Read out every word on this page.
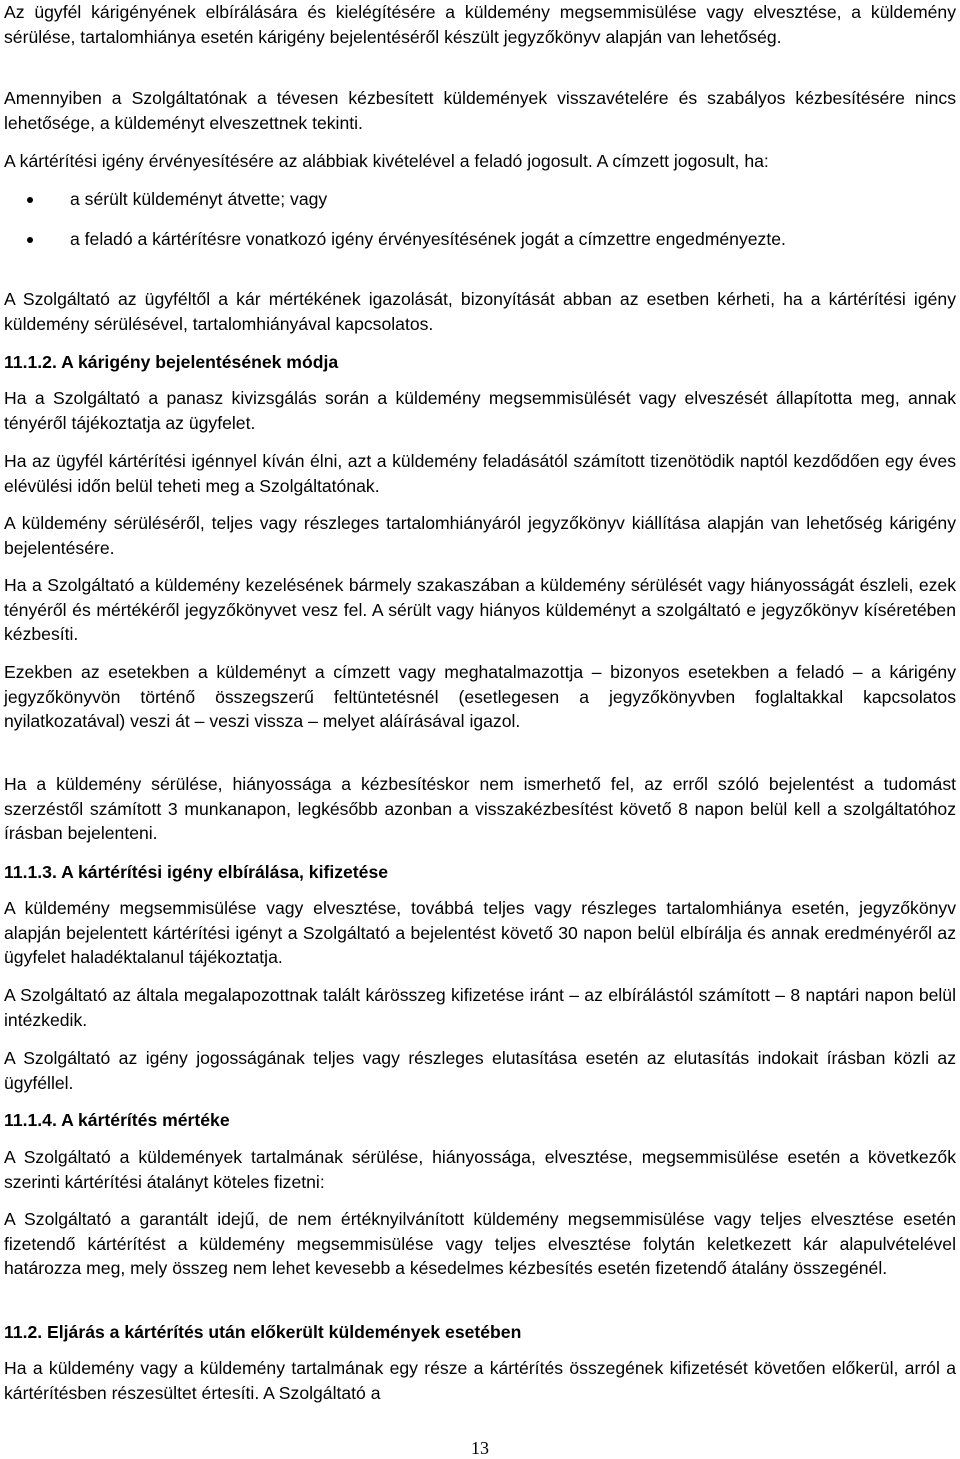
Az ügyfél kárigényének elbírálására és kielégítésére a küldemény megsemmisülése vagy elvesztése, a küldemény sérülése, tartalomhiánya esetén kárigény bejelentéséről készült jegyzőkönyv alapján van lehetőség.

Amennyiben a Szolgáltatónak a tévesen kézbesített küldemények visszavételére és szabályos kézbesítésére nincs lehetősége, a küldeményt elveszettnek tekinti.

A kártérítési igény érvényesítésére az alábbiak kivételével a feladó jogosult. A címzett jogosult, ha:

a sérült küldeményt átvette; vagy
a feladó a kártérítésre vonatkozó igény érvényesítésének jogát a címzettre engedményezte.

A Szolgáltató az ügyféltől a kár mértékének igazolását, bizonyítását abban az esetben kérheti, ha a kártérítési igény küldemény sérülésével, tartalomhiányával kapcsolatos.

11.1.2. A kárigény bejelentésének módja

Ha a Szolgáltató a panasz kivizsgálás során a küldemény megsemmisülését vagy elveszését állapította meg, annak tényéről tájékoztatja az ügyfelet.

Ha az ügyfél kártérítési igénnyel kíván élni, azt a küldemény feladásától számított tizenötödik naptól kezdődően egy éves elévülési időn belül teheti meg a Szolgáltatónak.

A küldemény sérüléséről, teljes vagy részleges tartalomhiányáról jegyzőkönyv kiállítása alapján van lehetőség kárigény bejelentésére.

Ha a Szolgáltató a küldemény kezelésének bármely szakaszában a küldemény sérülését vagy hiányosságát észleli, ezek tényéről és mértékéről jegyzőkönyvet vesz fel. A sérült vagy hiányos küldeményt a szolgáltató e jegyzőkönyv kíséretében kézbesíti.

Ezekben az esetekben a küldeményt a címzett vagy meghatalmazottja – bizonyos esetekben a feladó – a kárigény jegyzőkönyvön történő összegszerű feltüntetésnél (esetlegesen a jegyzőkönyvben foglaltakkal kapcsolatos nyilatkozatával) veszi át – veszi vissza – melyet aláírásával igazol.

Ha a küldemény sérülése, hiányossága a kézbesítéskor nem ismerhető fel, az erről szóló bejelentést a tudomást szerzéstől számított 3 munkanapon, legkésőbb azonban a visszakézbesítést követő 8 napon belül kell a szolgáltatóhoz írásban bejelenteni.

11.1.3. A kártérítési igény elbírálása, kifizetése

A küldemény megsemmisülése vagy elvesztése, továbbá teljes vagy részleges tartalomhiánya esetén, jegyzőkönyv alapján bejelentett kártérítési igényt a Szolgáltató a bejelentést követő 30 napon belül elbírálja és annak eredményéről az ügyfelet haladéktalanul tájékoztatja.

A Szolgáltató az általa megalapozottnak talált kárösszeg kifizetése iránt – az elbírálástól számított – 8 naptári napon belül intézkedik.

A Szolgáltató az igény jogosságának teljes vagy részleges elutasítása esetén az elutasítás indokait írásban közli az ügyféllel.

11.1.4. A kártérítés mértéke

A Szolgáltató a küldemények tartalmának sérülése, hiányossága, elvesztése, megsemmisülése esetén a következők szerinti kártérítési átalányt köteles fizetni:

A Szolgáltató a garantált idejű, de nem értéknyilvánított küldemény megsemmisülése vagy teljes elvesztése esetén fizetendő kártérítést a küldemény megsemmisülése vagy teljes elvesztése folytán keletkezett kár alapulvételével határozza meg, mely összeg nem lehet kevesebb a késedelmes kézbesítés esetén fizetendő átalány összegénél.

11.2. Eljárás a kártérítés után előkerült küldemények esetében

Ha a küldemény vagy a küldemény tartalmának egy része a kártérítés összegének kifizetését követően előkerül, arról a kártérítésben részesültet értesíti. A Szolgáltató a

13
